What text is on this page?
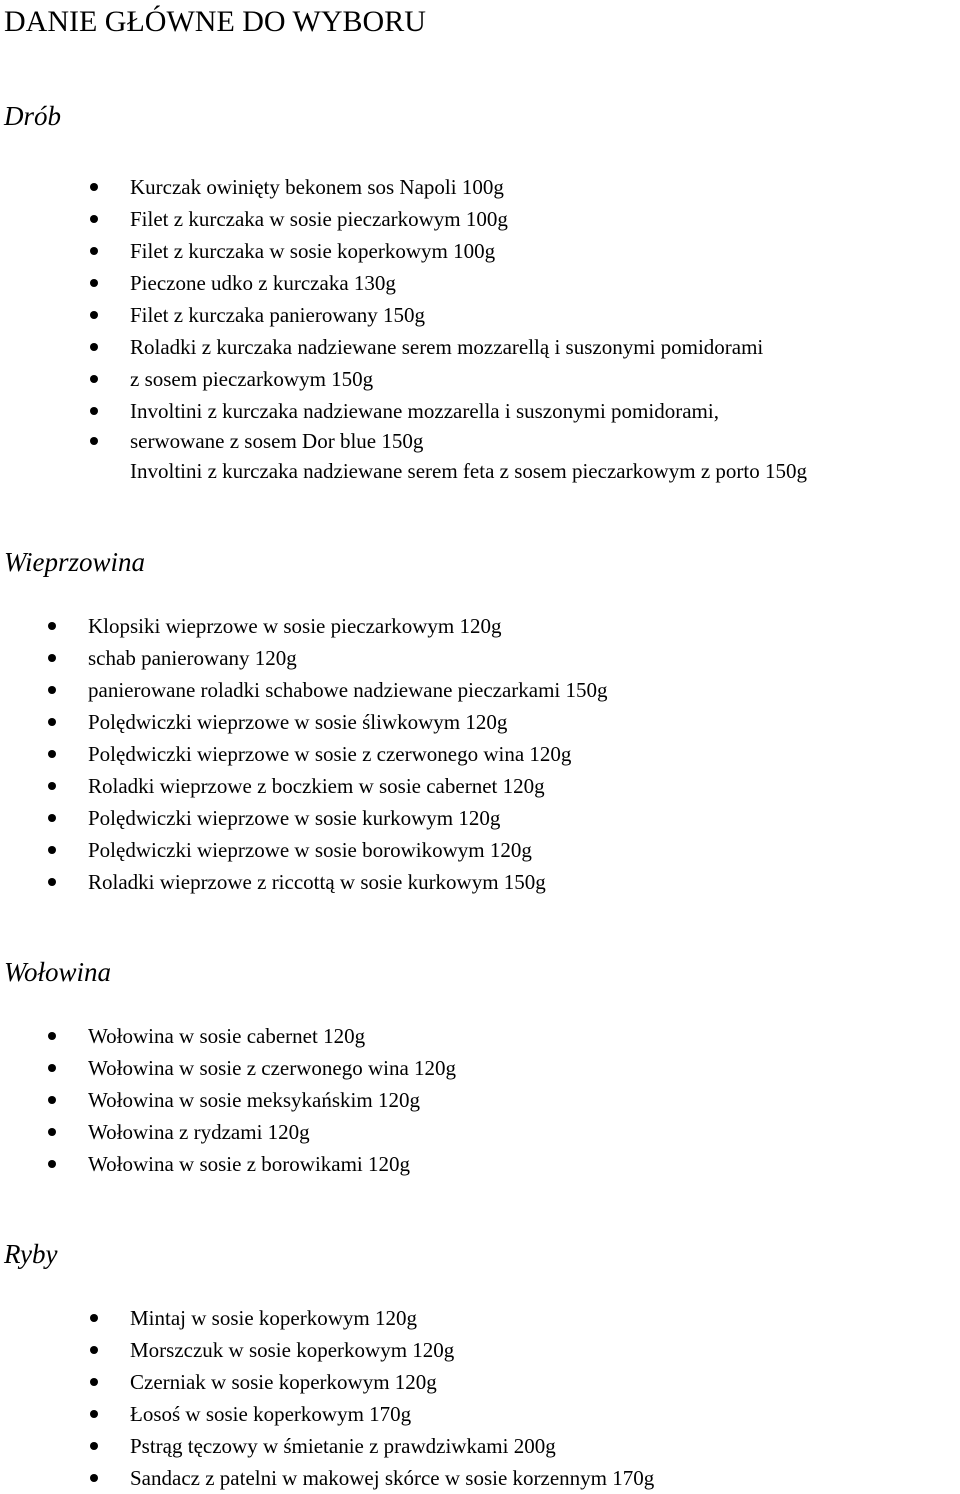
DANIE GŁÓWNE DO WYBORU
Drób
Kurczak owinięty bekonem sos Napoli 100g
Filet z kurczaka w sosie pieczarkowym 100g
Filet z kurczaka w sosie koperkowym 100g
Pieczone udko z kurczaka 130g
Filet z kurczaka panierowany 150g
Roladki z kurczaka nadziewane serem mozzarellą i suszonymi pomidorami
z sosem pieczarkowym 150g
Involtini z kurczaka nadziewane mozzarella i suszonymi pomidorami,
serwowane z sosem Dor blue 150g
Involtini z kurczaka nadziewane serem feta z sosem pieczarkowym z porto 150g
Wieprzowina
Klopsiki wieprzowe w sosie pieczarkowym 120g
schab panierowany 120g
panierowane roladki schabowe nadziewane pieczarkami 150g
Polędwiczki wieprzowe w sosie śliwkowym 120g
Polędwiczki wieprzowe w sosie z czerwonego wina 120g
Roladki wieprzowe z boczkiem w sosie cabernet 120g
Polędwiczki wieprzowe w sosie kurkowym 120g
Polędwiczki wieprzowe w sosie borowikowym 120g
Roladki wieprzowe z riccottą w sosie kurkowym 150g
Wołowina
Wołowina w sosie cabernet 120g
Wołowina w sosie z czerwonego wina 120g
Wołowina w sosie meksykańskim 120g
Wołowina z rydzami 120g
Wołowina w sosie z borowikami 120g
Ryby
Mintaj w sosie koperkowym 120g
Morszczuk w sosie koperkowym 120g
Czerniak w sosie koperkowym 120g
Łosoś w sosie koperkowym 170g
Pstrąg tęczowy w śmietanie z prawdziwkami 200g
Sandacz z patelni w makowej skórce w sosie korzennym 170g
